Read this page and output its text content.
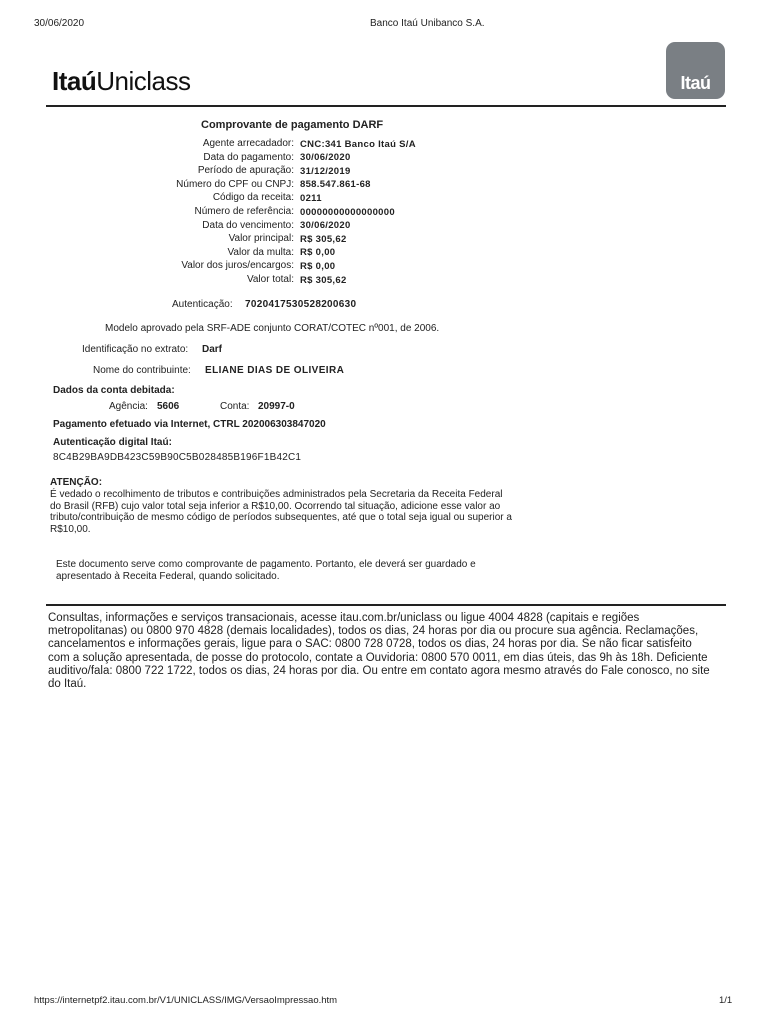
30/06/2020	Banco Itaú Unibanco S.A.
ItaúUniclass	Itaú
Comprovante de pagamento DARF
Agente arrecadador: CNC:341 Banco Itaú S/A
Data do pagamento: 30/06/2020
Período de apuração: 31/12/2019
Número do CPF ou CNPJ: 858.547.861-68
Código da receita: 0211
Número de referência: 00000000000000000
Data do vencimento: 30/06/2020
Valor principal: R$ 305,62
Valor da multa: R$ 0,00
Valor dos juros/encargos: R$ 0,00
Valor total: R$ 305,62
Autenticação: 7020417530528200630
Modelo aprovado pela SRF-ADE conjunto CORAT/COTEC nº001, de 2006.
Identificação no extrato: Darf
Nome do contribuinte: ELIANE DIAS DE OLIVEIRA
Dados da conta debitada:
Agência: 5606	Conta: 20997-0
Pagamento efetuado via Internet, CTRL 202006303847020
Autenticação digital Itaú:
8C4B29BA9DB423C59B90C5B028485B196F1B42C1
ATENÇÃO:
É vedado o recolhimento de tributos e contribuições administrados pela Secretaria da Receita Federal
do Brasil (RFB) cujo valor total seja inferior a R$10,00. Ocorrendo tal situação, adicione esse valor ao
tributo/contribuição de mesmo código de períodos subsequentes, até que o total seja igual ou superior a
R$10,00.
Este documento serve como comprovante de pagamento. Portanto, ele deverá ser guardado e
apresentado à Receita Federal, quando solicitado.
Consultas, informações e serviços transacionais, acesse itau.com.br/uniclass ou ligue 4004 4828 (capitais e regiões
metropolitanas) ou 0800 970 4828 (demais localidades), todos os dias, 24 horas por dia ou procure sua agência. Reclamações,
cancelamentos e informações gerais, ligue para o SAC: 0800 728 0728, todos os dias, 24 horas por dia. Se não ficar satisfeito
com a solução apresentada, de posse do protocolo, contate a Ouvidoria: 0800 570 0011, em dias úteis, das 9h às 18h. Deficiente
auditivo/fala: 0800 722 1722, todos os dias, 24 horas por dia. Ou entre em contato agora mesmo através do Fale conosco, no site
do Itaú.
https://internetpf2.itau.com.br/V1/UNICLASS/IMG/VersaoImpressao.htm	1/1
